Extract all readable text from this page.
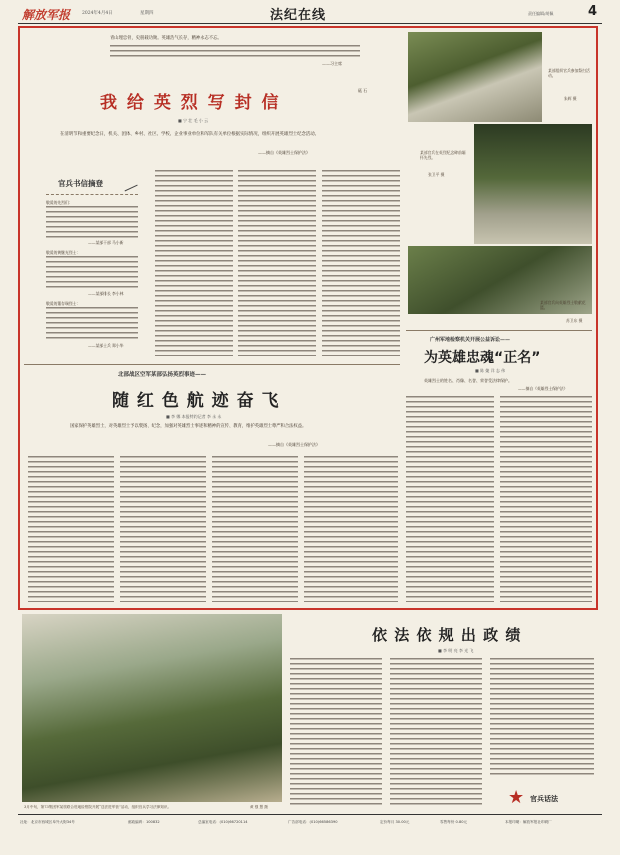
解放军报	2024年4月4日	星期四	法纪在线	责任编辑/胡佩	4
青山埋忠骨，史册载功勋。英雄浩气长存，精神永志不忘。
——习主席
砥 石
我 给 英 烈 写 封 信
■ 宁 壮 毛 小 云
在清明节和重要纪念日，机关、团体、乡村、社区、学校、企业事业单位和军队有关单位根据实际情况，组织开展英雄烈士纪念活动。
——摘自《英雄烈士保护法》
官兵书信摘登
敬爱的先烈们：
——某部干部 马小新
敬爱的黄继光烈士：
——某部排长 李小林
敬爱的董存瑞烈士：
——某部士兵 郑小华
某部组织官兵参加祭扫活动。
朱辉 摄
某部官兵在英烈纪念碑前缅怀先烈。
张卫平 摄
某部官兵向英雄烈士敬献花篮。
苏卫东 摄
广州军地检察机关开展公益诉讼——
为英雄忠魂“正名”
■ 陈 婕 详 志 伟
英雄烈士的姓名、肖像、名誉、荣誉受法律保护。
——摘自《英雄烈士保护法》
北部战区空军某部弘扬英烈事迹——
随 红 色 航 迹 奋 飞
■ 李 娜 本报特约记者 李 永 永
国家保护英雄烈士，对英雄烈士予以褒扬、纪念，加强对英雄烈士事迹和精神的宣传、教育，维护英雄烈士尊严和合法权益。
——摘自《英雄烈士保护法》
3月中旬，第73集团军某旅联合驻地检察院开展“送法进军营”活动，组织官兵学习法律知识。	黄 强 慧 摄
依 法 依 规 出 政 绩
■ 李 明 亮 李 光 飞
★ 官兵话法
社址：北京市西城区阜外大街34号	邮政编码：100832	总编室电话：(010)66720114	广告部电话：(010)66586390	定价每月 30.00元	零售每份 0.80元	本报印刷：解放军报社印刷厂
